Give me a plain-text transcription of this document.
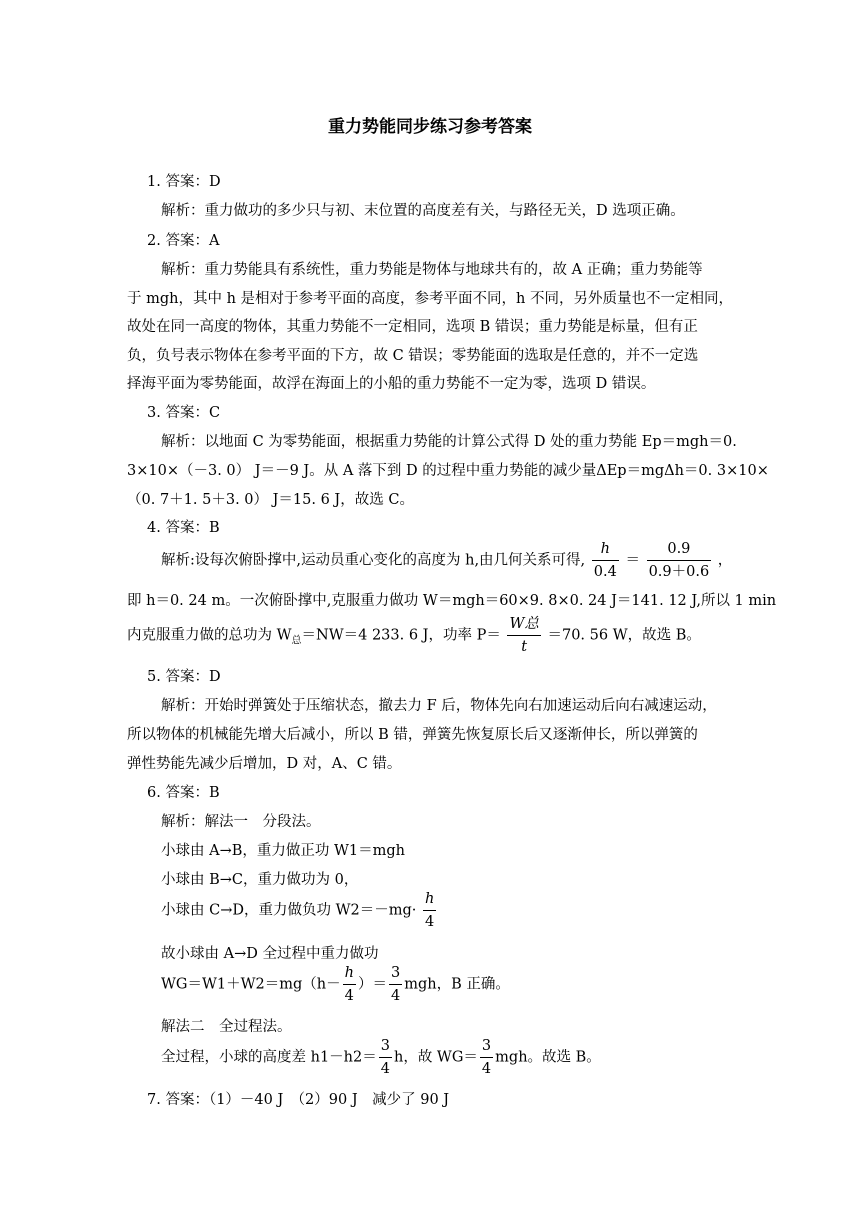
重力势能同步练习参考答案
1. 答案：D
解析：重力做功的多少只与初、末位置的高度差有关，与路径无关，D 选项正确。
2. 答案：A
解析：重力势能具有系统性，重力势能是物体与地球共有的，故 A 正确；重力势能等
于 mgh，其中 h 是相对于参考平面的高度，参考平面不同，h 不同，另外质量也不一定相同，
故处在同一高度的物体，其重力势能不一定相同，选项 B 错误；重力势能是标量，但有正
负，负号表示物体在参考平面的下方，故 C 错误；零势能面的选取是任意的，并不一定选
择海平面为零势能面，故浮在海面上的小船的重力势能不一定为零，选项 D 错误。
3. 答案：C
解析：以地面 C 为零势能面，根据重力势能的计算公式得 D 处的重力势能 Ep＝mgh＝0.
3×10×（－3. 0） J＝－9 J。从 A 落下到 D 的过程中重力势能的减少量ΔEp＝mgΔh＝0. 3×10×
（0. 7＋1. 5＋3. 0） J＝15. 6 J，故选 C。
4. 答案：B
解析:设每次俯卧撑中,运动员重心变化的高度为 h,由几何关系可得, $\frac{h}{0.4} = \frac{0.9}{0.9+0.6}$ ，
即 h＝0. 24 m。一次俯卧撑中,克服重力做功 W＝mgh＝60×9. 8×0. 24 J＝141. 12 J,所以 1 min
内克服重力做的总功为 $W_总=NW=4$ 233. 6 J，功率 $P= \frac{\text{W总}}{t} =70$. 56 W，故选 B。
5. 答案：D
解析：开始时弹簧处于压缩状态，撤去力 F 后，物体先向右加速运动后向右减速运动，
所以物体的机械能先增大后减小，所以 B 错，弹簧先恢复原长后又逐渐伸长，所以弹簧的
弹性势能先减少后增加，D 对，A、C 错。
6. 答案：B
解析：解法一　分段法。
小球由 A→B，重力做正功 W1＝mgh
小球由 B→C，重力做功为 0，
小球由 C→D，重力做负功 $W2=-mg\cdot \frac{h}{4}$
故小球由 A→D 全过程中重力做功
$WG=W1+W2=mg(h- \frac{h}{4}$ ）＝ $\frac{3}{4}$ mgh，B 正确。
解法二　全过程法。
全过程，小球的高度差 $h1-h2= \frac{3}{4}$ h，故 $WG= \frac{3}{4}$ mgh。故选 B。
7. 答案：（1）－40 J　（2）90 J　减少了 90 J
